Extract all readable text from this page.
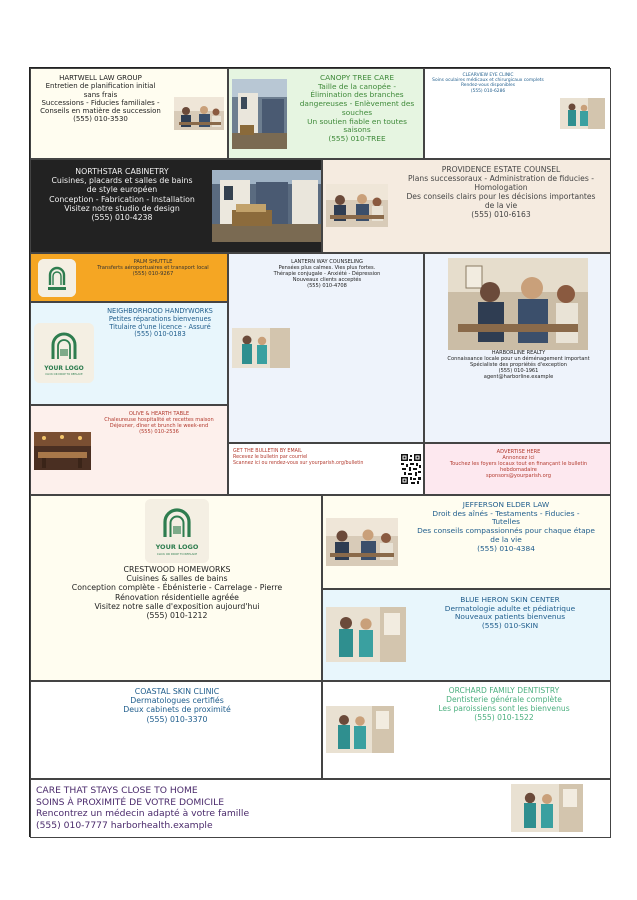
HARTWELL LAW GROUP
Entretien de planification initial
sans frais
Successions - Fiducies familiales -
Conseils en matière de succession
(555) 010-3530
CANOPY TREE CARE
Taille de la canopée -
Élimination des branches
dangereuses - Enlèvement des
souches
Un soutien fiable en toutes
saisons
(555) 010-TREE
CLEARVIEW EYE CLINIC
Soins oculaires médicaux et chirurgicaux complets
Rendez-vous disponibles
(555) 010-6286
NORTHSTAR CABINETRY
Cuisines, placards et salles de bains
de style européen
Conception - Fabrication - Installation
Visitez notre studio de design
(555) 010-4238
PROVIDENCE ESTATE COUNSEL
Plans successoraux - Administration de fiducies -
Homologation
Des conseils clairs pour les décisions importantes
de la vie
(555) 010-6163
PALM SHUTTLE
Transferts aéroportuaires et transport local
(555) 010-9267
YOUR LOGO
CLICK OR DROP TO REPLACE
NEIGHBORHOOD HANDYWORKS
Petites réparations bienvenues
Titulaire d'une licence - Assuré
(555) 010-0183
OLIVE & HEARTH TABLE
Chaleureuse hospitalité et recettes maison
Déjeuner, dîner et brunch le week-end
(555) 010-2536
LANTERN WAY COUNSELING
Pensées plus calmes. Vies plus fortes.
Thérapie conjugale - Anxiété - Dépression
Nouveaux clients acceptés
(555) 010-4708
HARBORLINE REALTY
Connaissance locale pour un déménagement important
Spécialiste des propriétés d'exception
(555) 010-1961
agent@harborline.example
GET THE BULLETIN BY EMAIL
Recevez le bulletin par courriel
Scannez ici ou rendez-vous sur yourparish.org/bulletin
ADVERTISE HERE
Annoncez ici
Touchez les foyers locaux tout en finançant le bulletin
hebdomadaire
sponsors@yourparish.org
YOUR LOGO
CLICK OR DROP TO REPLACE
CRESTWOOD HOMEWORKS
Cuisines & salles de bains
Conception complète - Ébénisterie - Carrelage - Pierre
Rénovation résidentielle agréée
Visitez notre salle d'exposition aujourd'hui
(555) 010-1212
JEFFERSON ELDER LAW
Droit des aînés - Testaments - Fiducies -
Tutelles
Des conseils compassionnés pour chaque étape
de la vie
(555) 010-4384
BLUE HERON SKIN CENTER
Dermatologie adulte et pédiatrique
Nouveaux patients bienvenus
(555) 010-SKIN
COASTAL SKIN CLINIC
Dermatologues certifiés
Deux cabinets de proximité
(555) 010-3370
ORCHARD FAMILY DENTISTRY
Dentisterie générale complète
Les paroissiens sont les bienvenus
(555) 010-1522
CARE THAT STAYS CLOSE TO HOME
SOINS À PROXIMITÉ DE VOTRE DOMICILE
Rencontrez un médecin adapté à votre famille
(555) 010-7777 harborhealth.example
